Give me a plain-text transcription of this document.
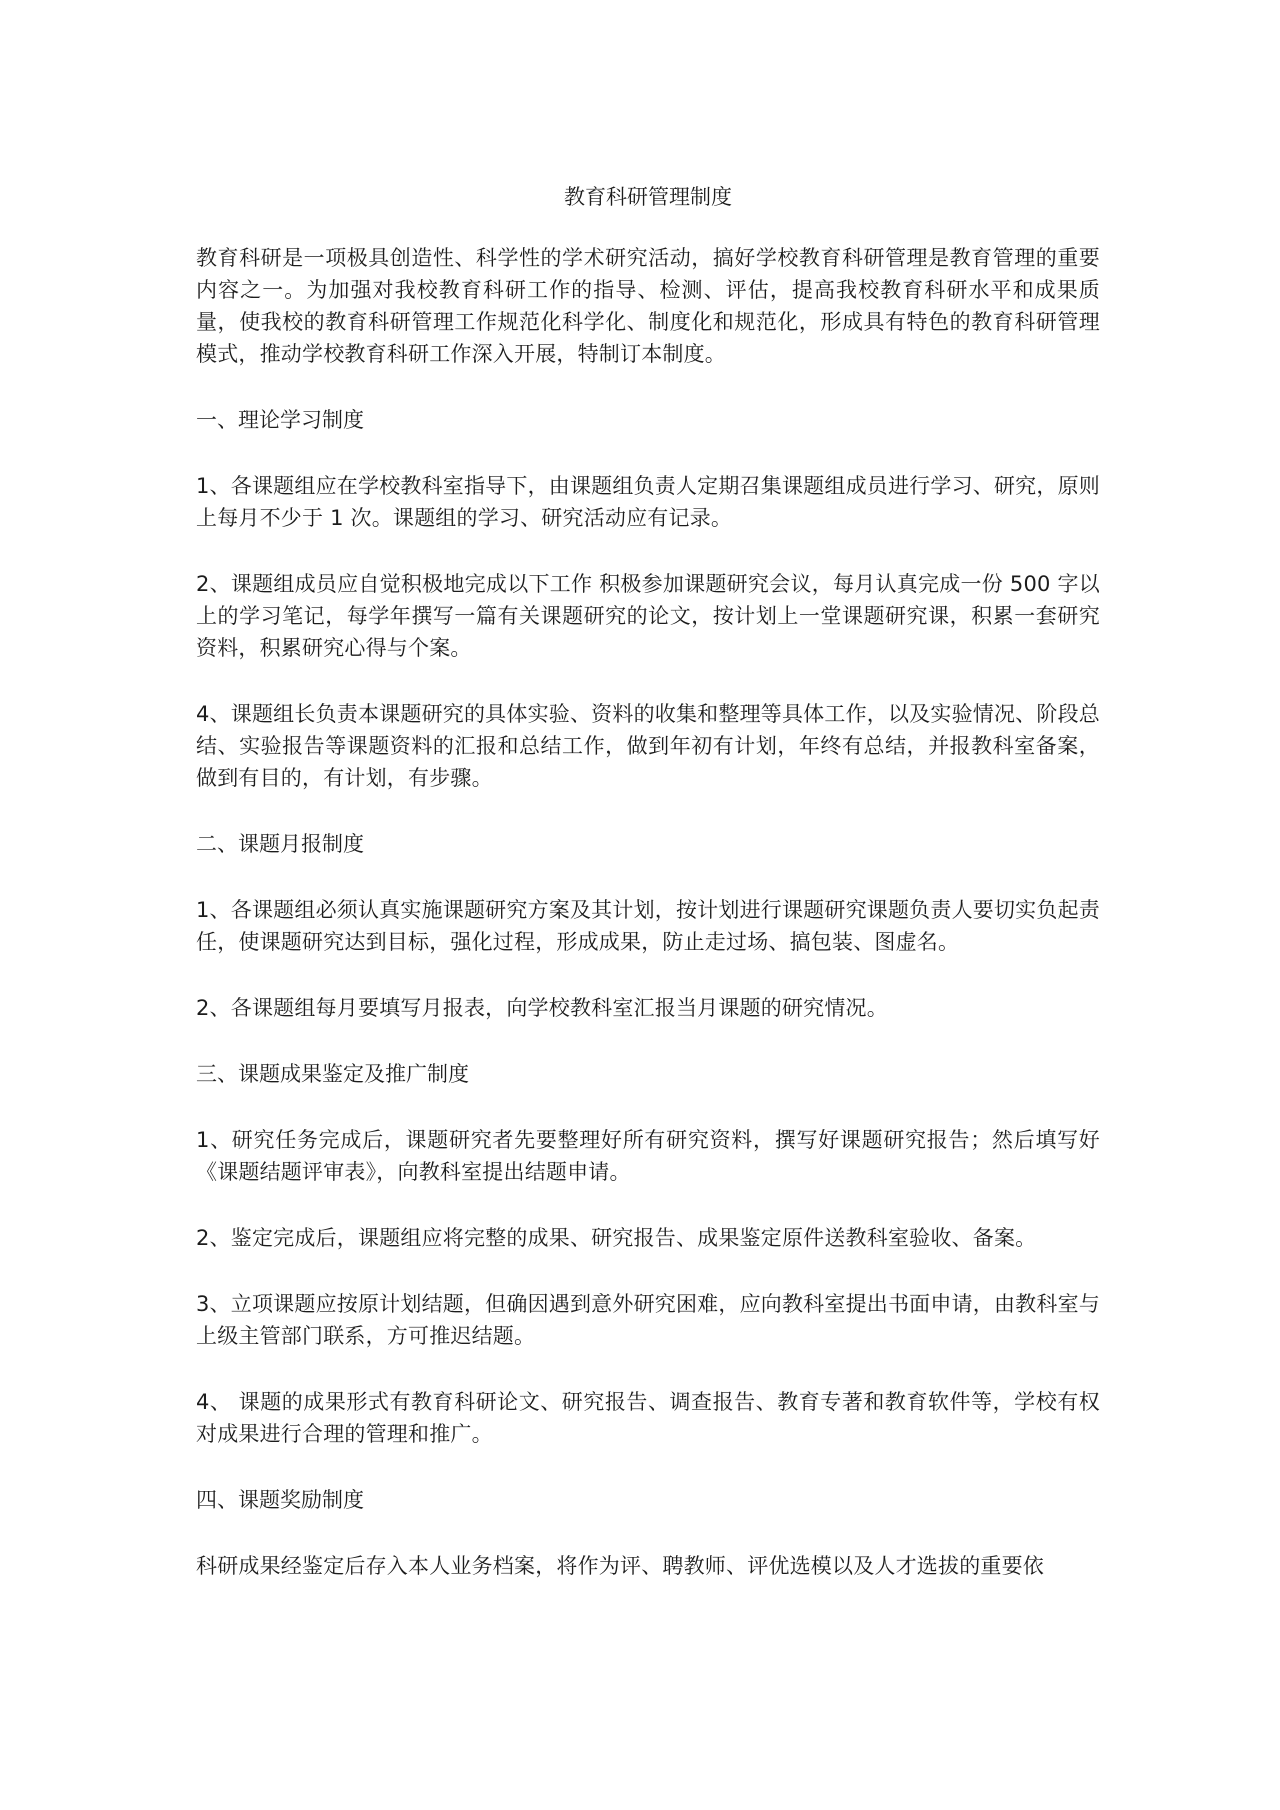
教育科研管理制度

教育科研是一项极具创造性、科学性的学术研究活动，搞好学校教育科研管理是教育管理的重要内容之一。为加强对我校教育科研工作的指导、检测、评估，提高我校教育科研水平和成果质量，使我校的教育科研管理工作规范化科学化、制度化和规范化，形成具有特色的教育科研管理模式，推动学校教育科研工作深入开展，特制订本制度。

一、理论学习制度

1、各课题组应在学校教科室指导下，由课题组负责人定期召集课题组成员进行学习、研究，原则上每月不少于 1 次。课题组的学习、研究活动应有记录。

2、课题组成员应自觉积极地完成以下工作 积极参加课题研究会议，每月认真完成一份 500 字以上的学习笔记，每学年撰写一篇有关课题研究的论文，按计划上一堂课题研究课，积累一套研究资料，积累研究心得与个案。

4、课题组长负责本课题研究的具体实验、资料的收集和整理等具体工作，以及实验情况、阶段总结、实验报告等课题资料的汇报和总结工作，做到年初有计划，年终有总结，并报教科室备案，做到有目的，有计划，有步骤。

二、课题月报制度

1、各课题组必须认真实施课题研究方案及其计划，按计划进行课题研究课题负责人要切实负起责任，使课题研究达到目标，强化过程，形成成果，防止走过场、搞包装、图虚名。

2、各课题组每月要填写月报表，向学校教科室汇报当月课题的研究情况。

三、课题成果鉴定及推广制度

1、研究任务完成后，课题研究者先要整理好所有研究资料，撰写好课题研究报告；然后填写好《课题结题评审表》，向教科室提出结题申请。

2、鉴定完成后，课题组应将完整的成果、研究报告、成果鉴定原件送教科室验收、备案。

3、立项课题应按原计划结题，但确因遇到意外研究困难，应向教科室提出书面申请，由教科室与上级主管部门联系，方可推迟结题。

4、 课题的成果形式有教育科研论文、研究报告、调查报告、教育专著和教育软件等，学校有权对成果进行合理的管理和推广。

四、课题奖励制度

科研成果经鉴定后存入本人业务档案，将作为评、聘教师、评优选模以及人才选拔的重要依
